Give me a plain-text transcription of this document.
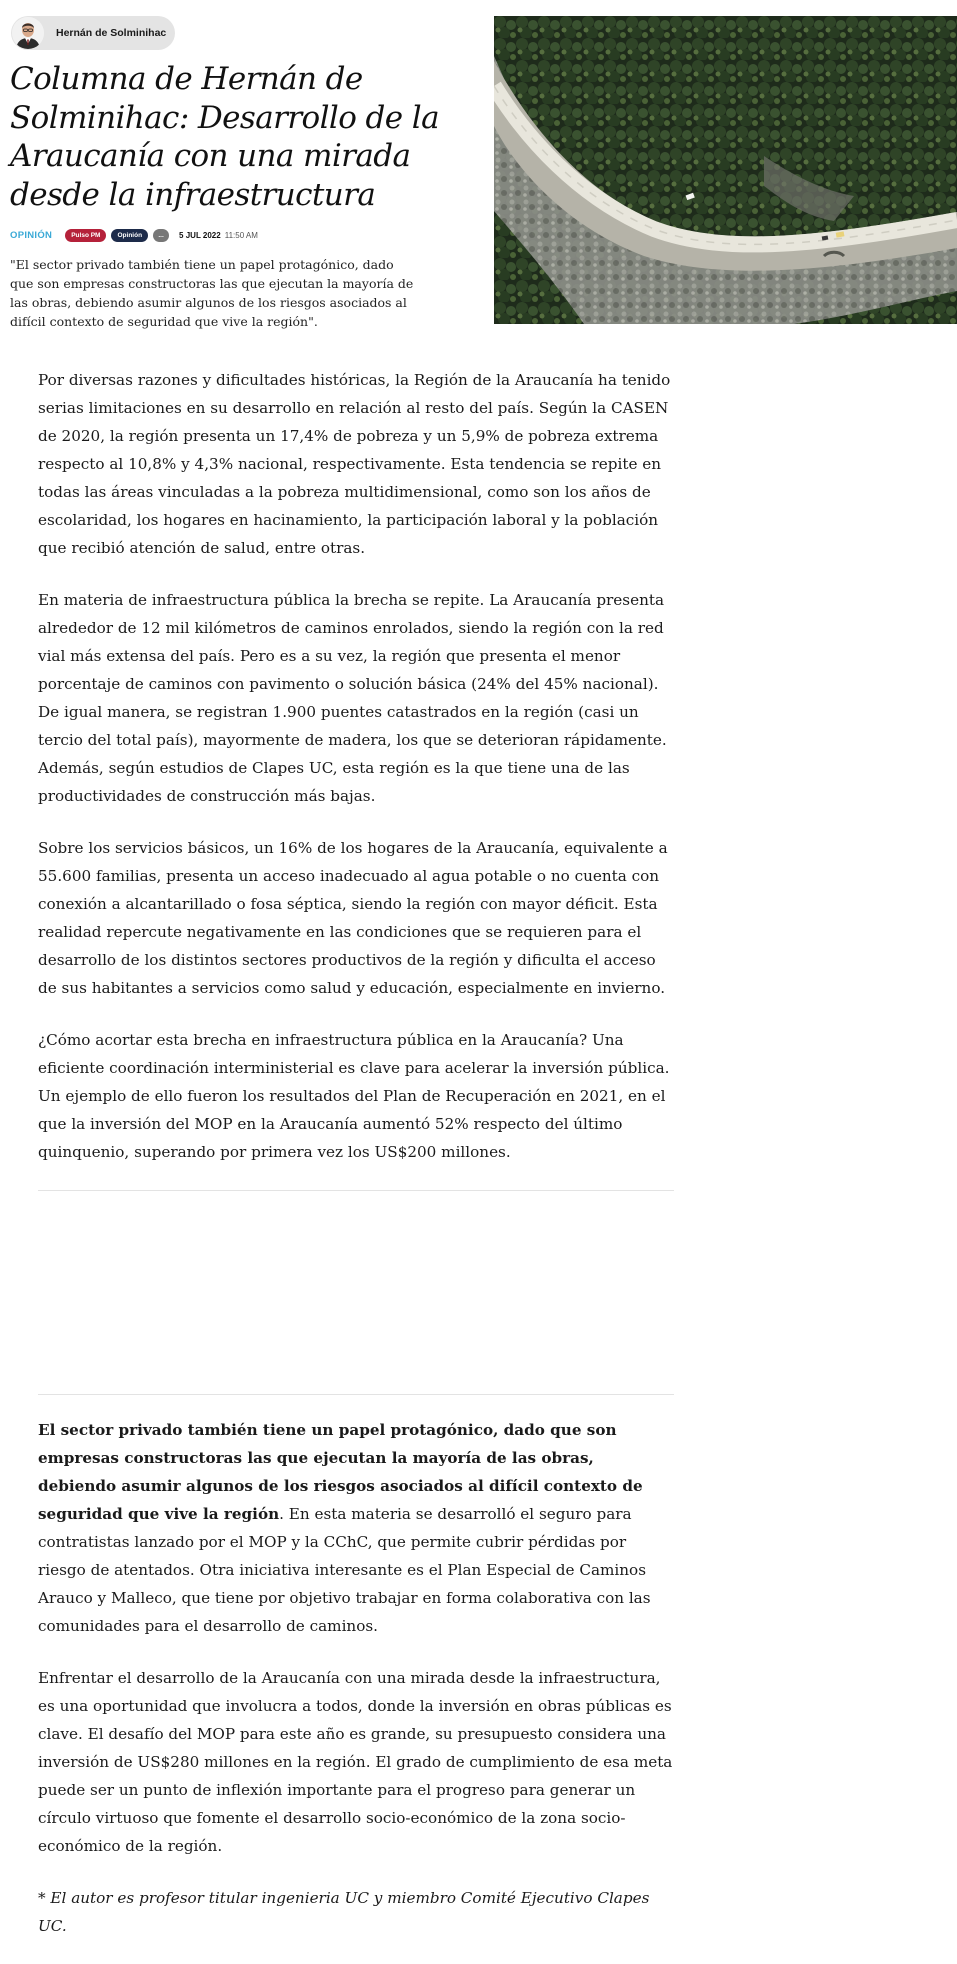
Hernán de Solminihac
Columna de Hernán de Solminihac: Desarrollo de la Araucanía con una mirada desde la infraestructura
OPINIÓN	Pulso PM	Opinión	...	5 JUL 2022 11:50 AM

"El sector privado también tiene un papel protagónico, dado que son empresas constructoras las que ejecutan la mayoría de las obras, debiendo asumir algunos de los riesgos asociados al difícil contexto de seguridad que vive la región".

Por diversas razones y dificultades históricas, la Región de la Araucanía ha tenido serias limitaciones en su desarrollo en relación al resto del país. Según la CASEN de 2020, la región presenta un 17,4% de pobreza y un 5,9% de pobreza extrema respecto al 10,8% y 4,3% nacional, respectivamente. Esta tendencia se repite en todas las áreas vinculadas a la pobreza multidimensional, como son los años de escolaridad, los hogares en hacinamiento, la participación laboral y la población que recibió atención de salud, entre otras.

En materia de infraestructura pública la brecha se repite. La Araucanía presenta alrededor de 12 mil kilómetros de caminos enrolados, siendo la región con la red vial más extensa del país. Pero es a su vez, la región que presenta el menor porcentaje de caminos con pavimento o solución básica (24% del 45% nacional). De igual manera, se registran 1.900 puentes catastrados en la región (casi un tercio del total país), mayormente de madera, los que se deterioran rápidamente. Además, según estudios de Clapes UC, esta región es la que tiene una de las productividades de construcción más bajas.

Sobre los servicios básicos, un 16% de los hogares de la Araucanía, equivalente a 55.600 familias, presenta un acceso inadecuado al agua potable o no cuenta con conexión a alcantarillado o fosa séptica, siendo la región con mayor déficit. Esta realidad repercute negativamente en las condiciones que se requieren para el desarrollo de los distintos sectores productivos de la región y dificulta el acceso de sus habitantes a servicios como salud y educación, especialmente en invierno.

¿Cómo acortar esta brecha en infraestructura pública en la Araucanía? Una eficiente coordinación interministerial es clave para acelerar la inversión pública. Un ejemplo de ello fueron los resultados del Plan de Recuperación en 2021, en el que la inversión del MOP en la Araucanía aumentó 52% respecto del último quinquenio, superando por primera vez los US$200 millones.

El sector privado también tiene un papel protagónico, dado que son empresas constructoras las que ejecutan la mayoría de las obras, debiendo asumir algunos de los riesgos asociados al difícil contexto de seguridad que vive la región. En esta materia se desarrolló el seguro para contratistas lanzado por el MOP y la CChC, que permite cubrir pérdidas por riesgo de atentados. Otra iniciativa interesante es el Plan Especial de Caminos Arauco y Malleco, que tiene por objetivo trabajar en forma colaborativa con las comunidades para el desarrollo de caminos.

Enfrentar el desarrollo de la Araucanía con una mirada desde la infraestructura, es una oportunidad que involucra a todos, donde la inversión en obras públicas es clave. El desafío del MOP para este año es grande, su presupuesto considera una inversión de US$280 millones en la región. El grado de cumplimiento de esa meta puede ser un punto de inflexión importante para el progreso para generar un círculo virtuoso que fomente el desarrollo socio-económico de la zona socio-económico de la región.

* El autor es profesor titular ingenieria UC y miembro Comité Ejecutivo Clapes UC.
